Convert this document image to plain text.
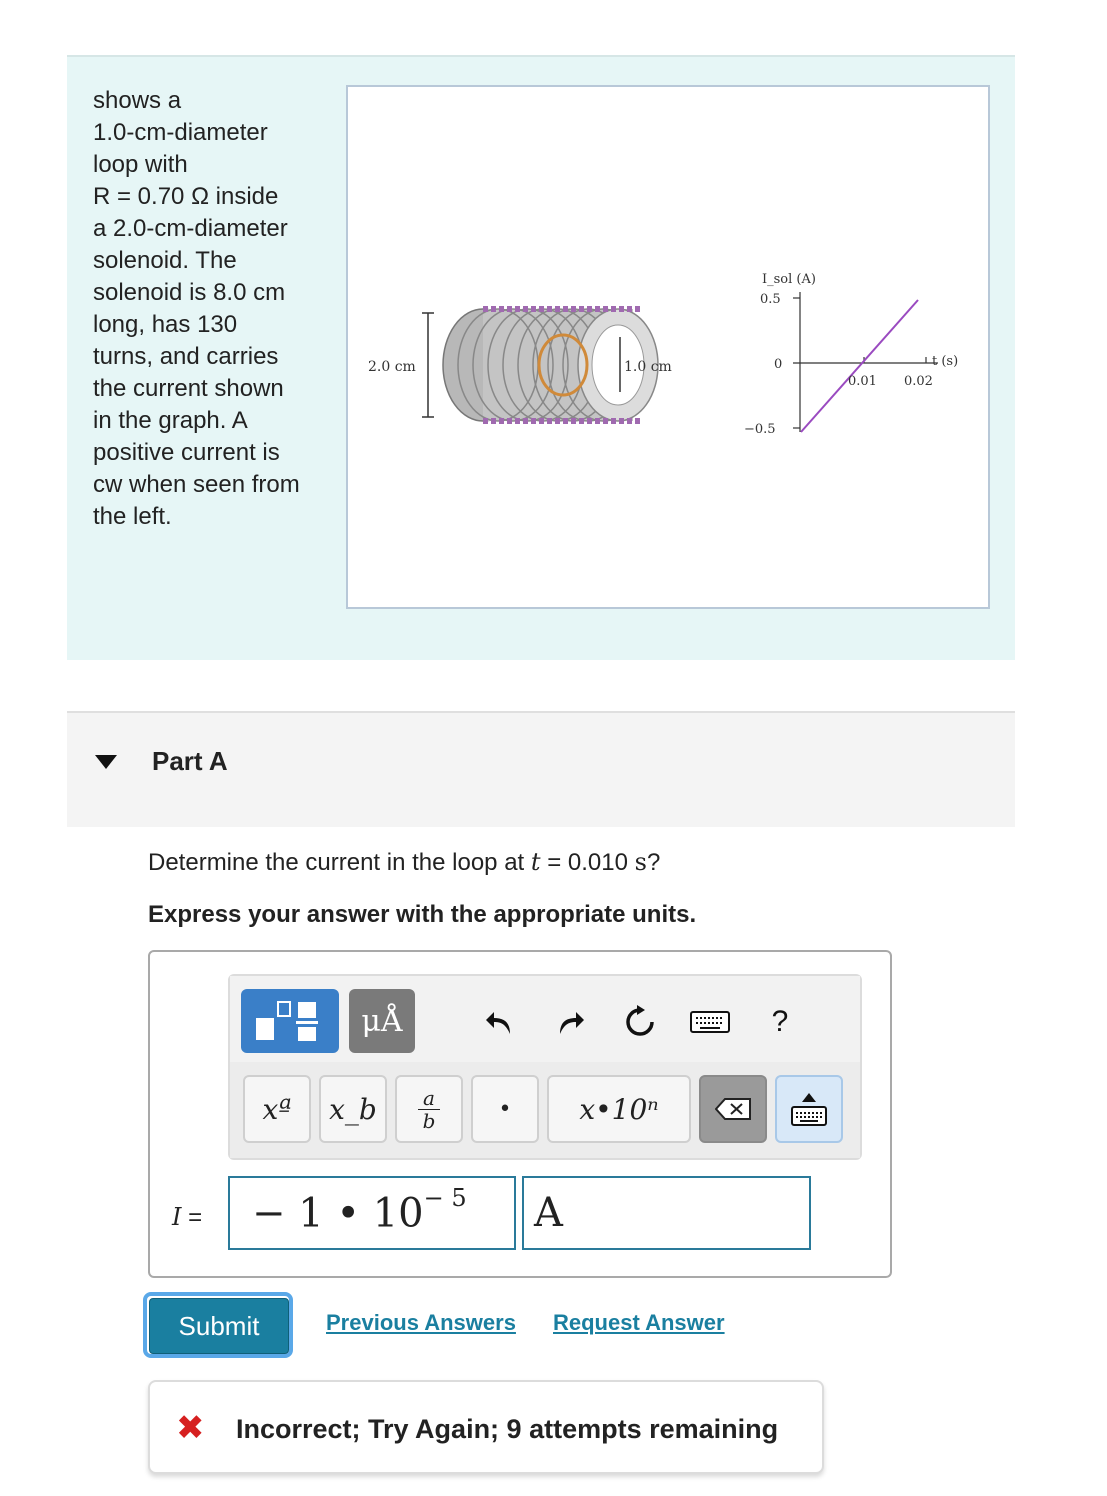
shows a
1.0-cm-diameter
loop with
R = 0.70 Ω inside
a 2.0-cm-diameter
solenoid. The
solenoid is 8.0 cm
long, has 130
turns, and carries
the current shown
in the graph. A
positive current is
cw when seen from
the left.
2.0 cm	1.0 cm
I_sol (A)
0.5
0
−0.5
t (s)
0.01 0.02
Part A
Determine the current in the loop at t = 0.010 s?
Express your answer with the appropriate units.
μÅ	?
xª	x_b	a
b	•	x•10ⁿ
I =	− 1 • $10^{- 5}$	A
Submit	Previous Answers Request Answer
✖ Incorrect; Try Again; 9 attempts remaining
